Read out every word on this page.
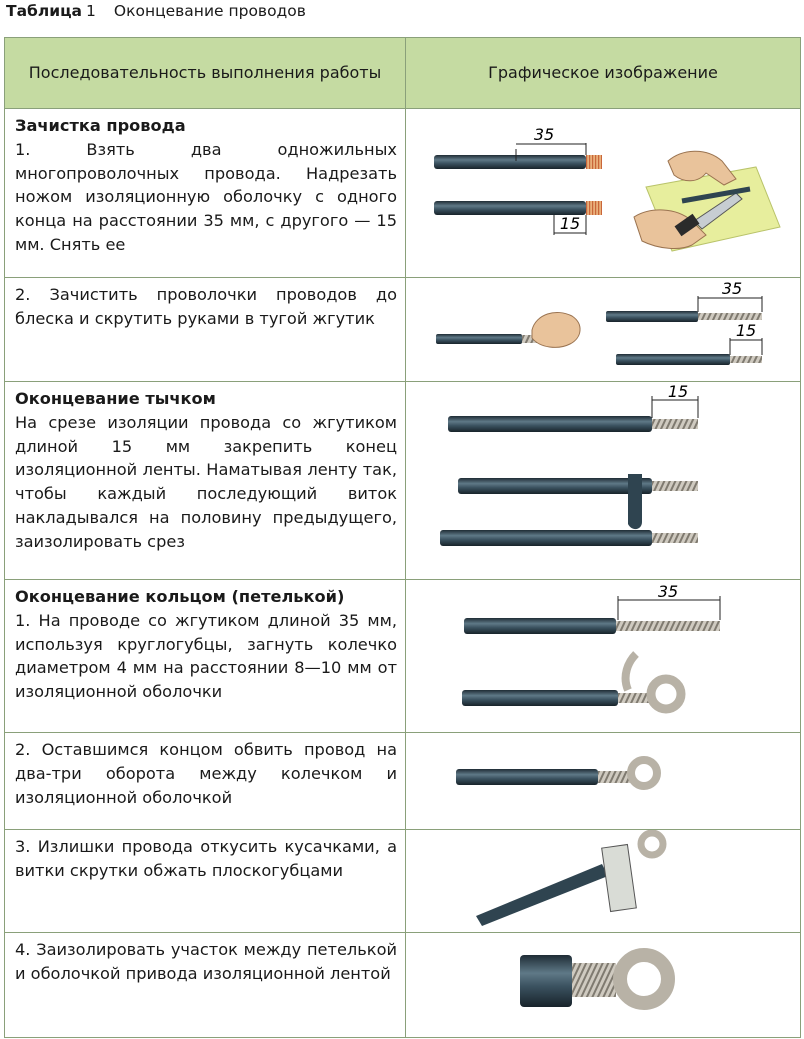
Таблица 1 Оконцевание проводов
Последовательность выполнения работы	Графическое изображение

Зачистка провода
1. Взять два одножильных многопроволочных провода. Надрезать ножом изоляционную оболочку с одного конца на расстоянии 35 мм, с другого — 15 мм. Снять ее	35
15

2. Зачистить проволочки проводов до блеска и скрутить руками в тугой жгутик	35
15

Оконцевание тычком
На срезе изоляции провода со жгутиком длиной 15 мм закрепить конец изоляционной ленты. Наматывая ленту так, чтобы каждый последующий виток накладывался на половину предыдущего, заизолировать срез	15

Оконцевание кольцом (петелькой)
1. На проводе со жгутиком длиной 35 мм, используя круглогубцы, загнуть колечко диаметром 4 мм на расстоянии 8—10 мм от изоляционной оболочки	35

2. Оставшимся концом обвить провод на два-три оборота между колечком и изоляционной оболочкой	

3. Излишки провода откусить кусачками, а витки скрутки обжать плоскогубцами	

4. Заизолировать участок между петелькой и оболочкой привода изоляционной лентой	
